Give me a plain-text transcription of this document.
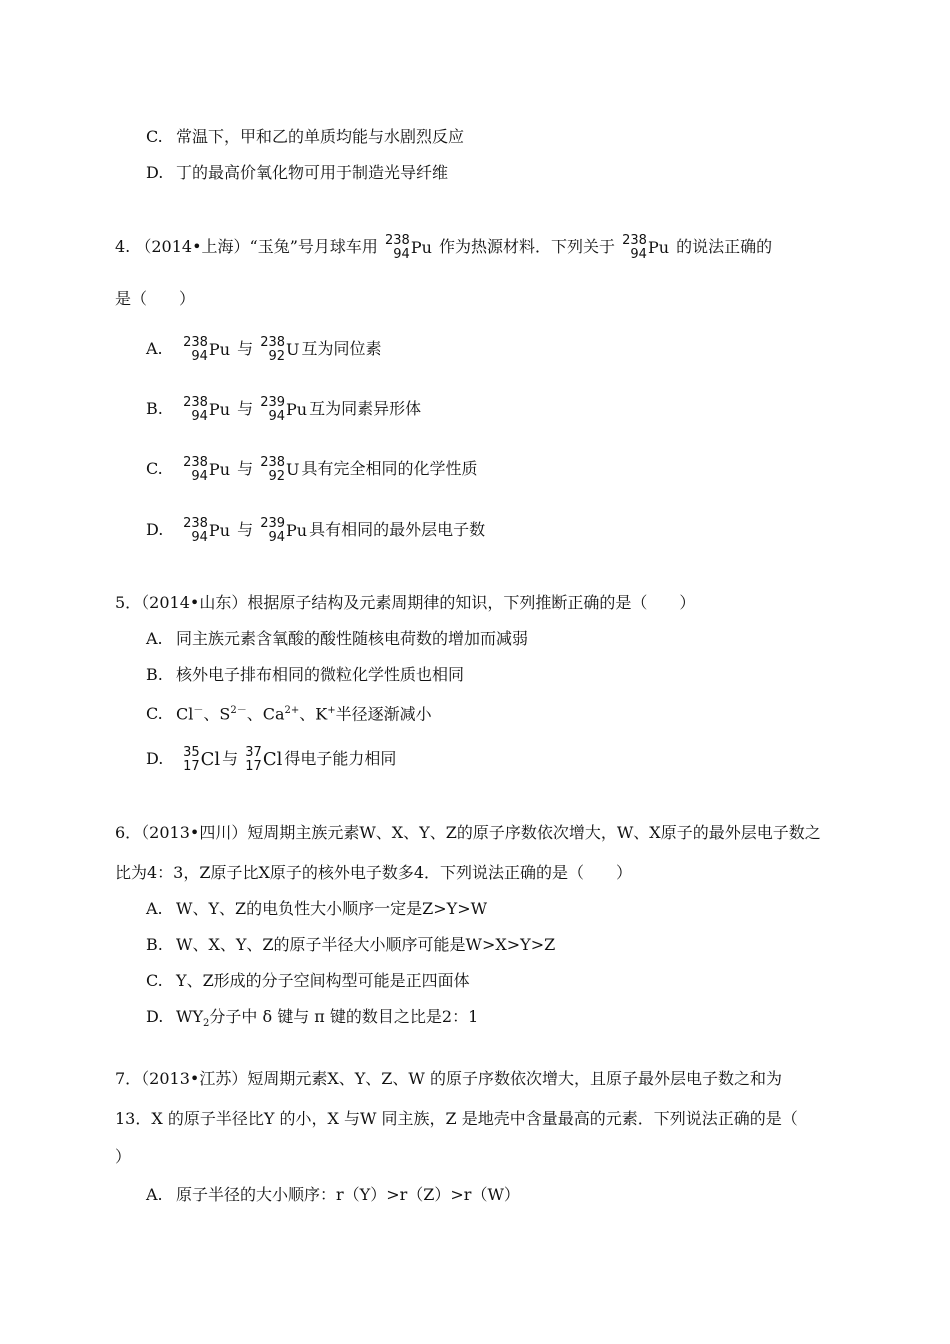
C. 常温下，甲和乙的单质均能与水剧烈反应
D. 丁的最高价氧化物可用于制造光导纤维
4. （2014•上海）“玉兔”号月球车用 238
94 Pu 作为热源材料．下列关于 238
94 Pu 的说法正确的
是（　　）
A. 238
94 Pu 与 238
92 U 互为同位素
B. 238
94 Pu 与 239
94 Pu 互为同素异形体
C. 238
94 Pu 与 238
92 U 具有完全相同的化学性质
D. 238
94 Pu 与 239
94 Pu 具有相同的最外层电子数
5．（2014•山东）根据原子结构及元素周期律的知识，下列推断正确的是（　　）
A. 同主族元素含氧酸的酸性随核电荷数的增加而减弱
B. 核外电子排布相同的微粒化学性质也相同
C. Cl－、$S^{2-}$、$Ca^{2+}$、K+半径逐渐减小
D. 35
17 Cl 与 37
17 Cl 得电子能力相同
6．（2013•四川）短周期主族元素W、X、Y、Z的原子序数依次增大，W、X原子的最外层电子数之
比为4：3，Z原子比X原子的核外电子数多4．下列说法正确的是（　　）
A. W、Y、Z的电负性大小顺序一定是Z>Y>W
B. W、X、Y、Z的原子半径大小顺序可能是W>X>Y>Z
C. Y、Z形成的分子空间构型可能是正四面体
D. $WY_2$分子中 δ 键与 π 键的数目之比是2：1
7．（2013•江苏）短周期元素X、Y、Z、W 的原子序数依次增大，且原子最外层电子数之和为
13．X 的原子半径比Y 的小，X 与W 同主族，Z 是地壳中含量最高的元素．下列说法正确的是（
）
A. 原子半径的大小顺序：r（Y）>r（Z）>r（W）
